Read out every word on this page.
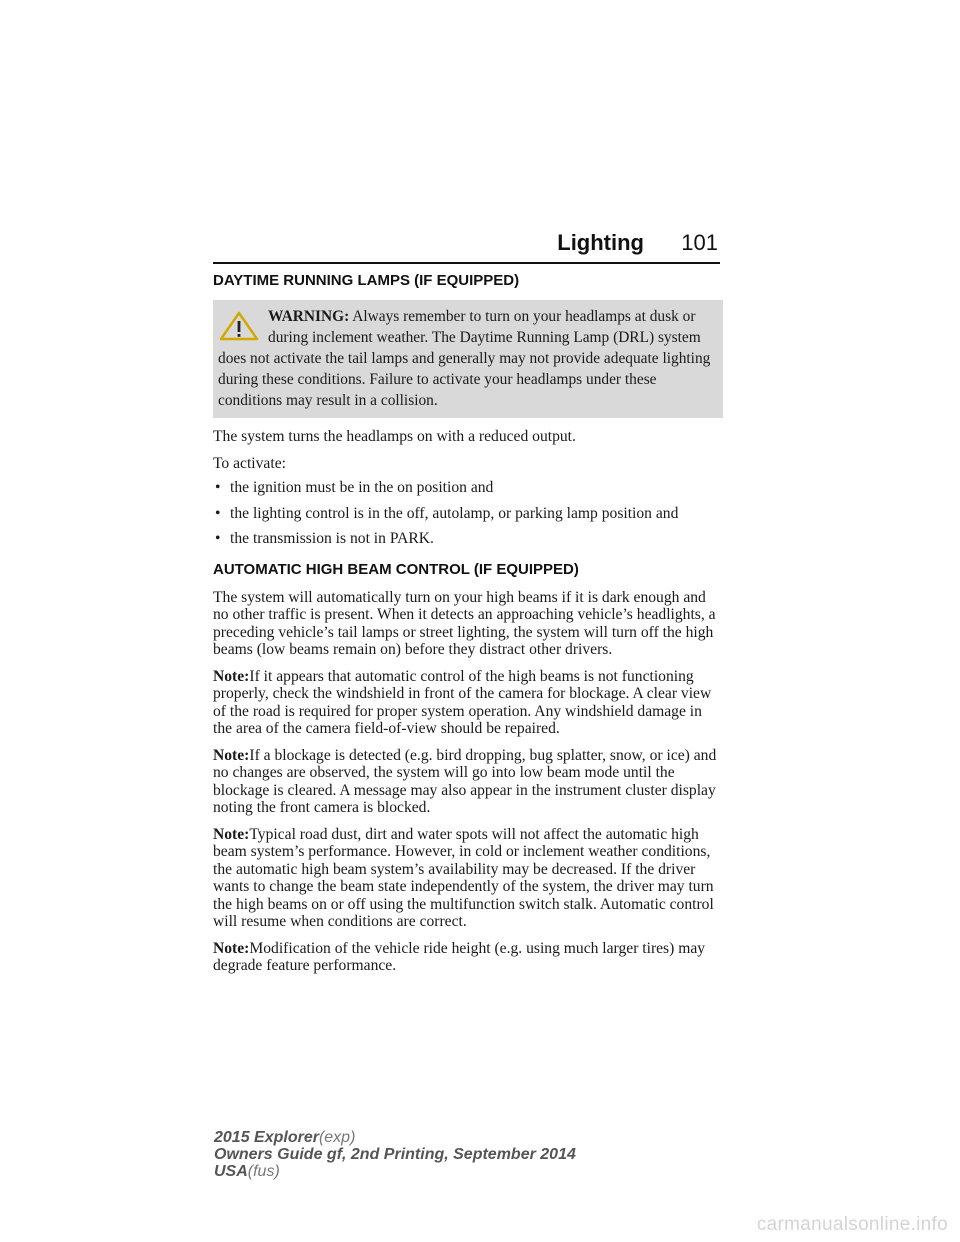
Lighting 101
DAYTIME RUNNING LAMPS (IF EQUIPPED)
WARNING: Always remember to turn on your headlamps at dusk or during inclement weather. The Daytime Running Lamp (DRL) system does not activate the tail lamps and generally may not provide adequate lighting during these conditions. Failure to activate your headlamps under these conditions may result in a collision.

The system turns the headlamps on with a reduced output.

To activate:

• the ignition must be in the on position and
• the lighting control is in the off, autolamp, or parking lamp position and
• the transmission is not in PARK.
AUTOMATIC HIGH BEAM CONTROL (IF EQUIPPED)

The system will automatically turn on your high beams if it is dark enough and no other traffic is present. When it detects an approaching vehicle’s headlights, a preceding vehicle’s tail lamps or street lighting, the system will turn off the high beams (low beams remain on) before they distract other drivers.

Note:If it appears that automatic control of the high beams is not functioning properly, check the windshield in front of the camera for blockage. A clear view of the road is required for proper system operation. Any windshield damage in the area of the camera field-of-view should be repaired.

Note:If a blockage is detected (e.g. bird dropping, bug splatter, snow, or ice) and no changes are observed, the system will go into low beam mode until the blockage is cleared. A message may also appear in the instrument cluster display noting the front camera is blocked.

Note:Typical road dust, dirt and water spots will not affect the automatic high beam system’s performance. However, in cold or inclement weather conditions, the automatic high beam system’s availability may be decreased. If the driver wants to change the beam state independently of the system, the driver may turn the high beams on or off using the multifunction switch stalk. Automatic control will resume when conditions are correct.

Note:Modification of the vehicle ride height (e.g. using much larger tires) may degrade feature performance.

2015 Explorer(exp)
Owners Guide gf, 2nd Printing, September 2014
USA(fus)
carmanualsonline.info
